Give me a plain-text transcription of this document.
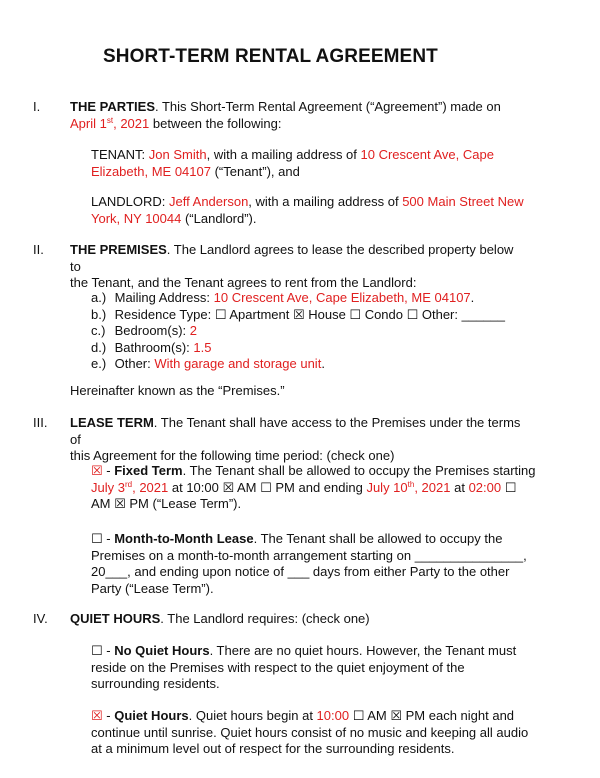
SHORT-TERM RENTAL AGREEMENT
I. THE PARTIES. This Short-Term Rental Agreement (“Agreement”) made on
April 1st, 2021 between the following:
TENANT: Jon Smith, with a mailing address of 10 Crescent Ave, Cape
Elizabeth, ME 04107 (“Tenant”), and
LANDLORD: Jeff Anderson, with a mailing address of 500 Main Street New
York, NY 10044 (“Landlord”).
II. THE PREMISES. The Landlord agrees to lease the described property below to
the Tenant, and the Tenant agrees to rent from the Landlord:
a.) Mailing Address: 10 Crescent Ave, Cape Elizabeth, ME 04107.
b.) Residence Type: ☐ Apartment ☒ House ☐ Condo ☐ Other: ______
c.) Bedroom(s): 2
d.) Bathroom(s): 1.5
e.) Other: With garage and storage unit.
Hereinafter known as the “Premises.”
III. LEASE TERM. The Tenant shall have access to the Premises under the terms of
this Agreement for the following time period: (check one)
☒ - Fixed Term. The Tenant shall be allowed to occupy the Premises starting
July 3rd, 2021 at 10:00 ☒ AM ☐ PM and ending July 10th, 2021 at 02:00 ☐
AM ☒ PM (“Lease Term”).
☐ - Month-to-Month Lease. The Tenant shall be allowed to occupy the
Premises on a month-to-month arrangement starting on _______________,
20___, and ending upon notice of ___ days from either Party to the other
Party (“Lease Term”).
IV. QUIET HOURS. The Landlord requires: (check one)
☐ - No Quiet Hours. There are no quiet hours. However, the Tenant must
reside on the Premises with respect to the quiet enjoyment of the
surrounding residents.
☒ - Quiet Hours. Quiet hours begin at 10:00 ☐ AM ☒ PM each night and
continue until sunrise. Quiet hours consist of no music and keeping all audio
at a minimum level out of respect for the surrounding residents.
